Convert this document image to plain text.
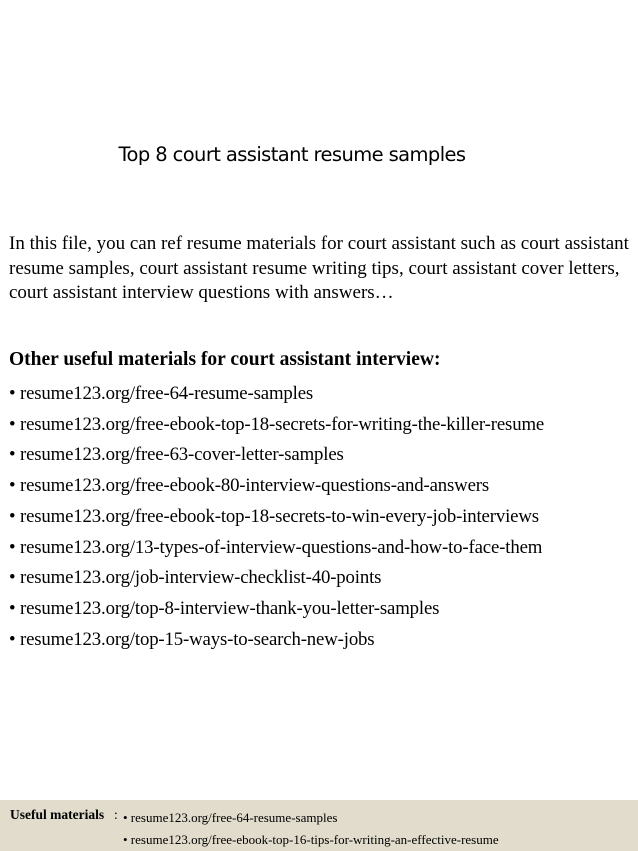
Top 8 court assistant resume samples

In this file, you can ref resume materials for court assistant such as court assistant resume samples, court assistant resume writing tips, court assistant cover letters, court assistant interview questions with answers…

Other useful materials for court assistant interview:
• resume123.org/free-64-resume-samples
• resume123.org/free-ebook-top-18-secrets-for-writing-the-killer-resume
• resume123.org/free-63-cover-letter-samples
• resume123.org/free-ebook-80-interview-questions-and-answers
• resume123.org/free-ebook-top-18-secrets-to-win-every-job-interviews
• resume123.org/13-types-of-interview-questions-and-how-to-face-them
• resume123.org/job-interview-checklist-40-points
• resume123.org/top-8-interview-thank-you-letter-samples
• resume123.org/top-15-ways-to-search-new-jobs
Useful materials : • resume123.org/free-64-resume-samples
• resume123.org/free-ebook-top-16-tips-for-writing-an-effective-resume
